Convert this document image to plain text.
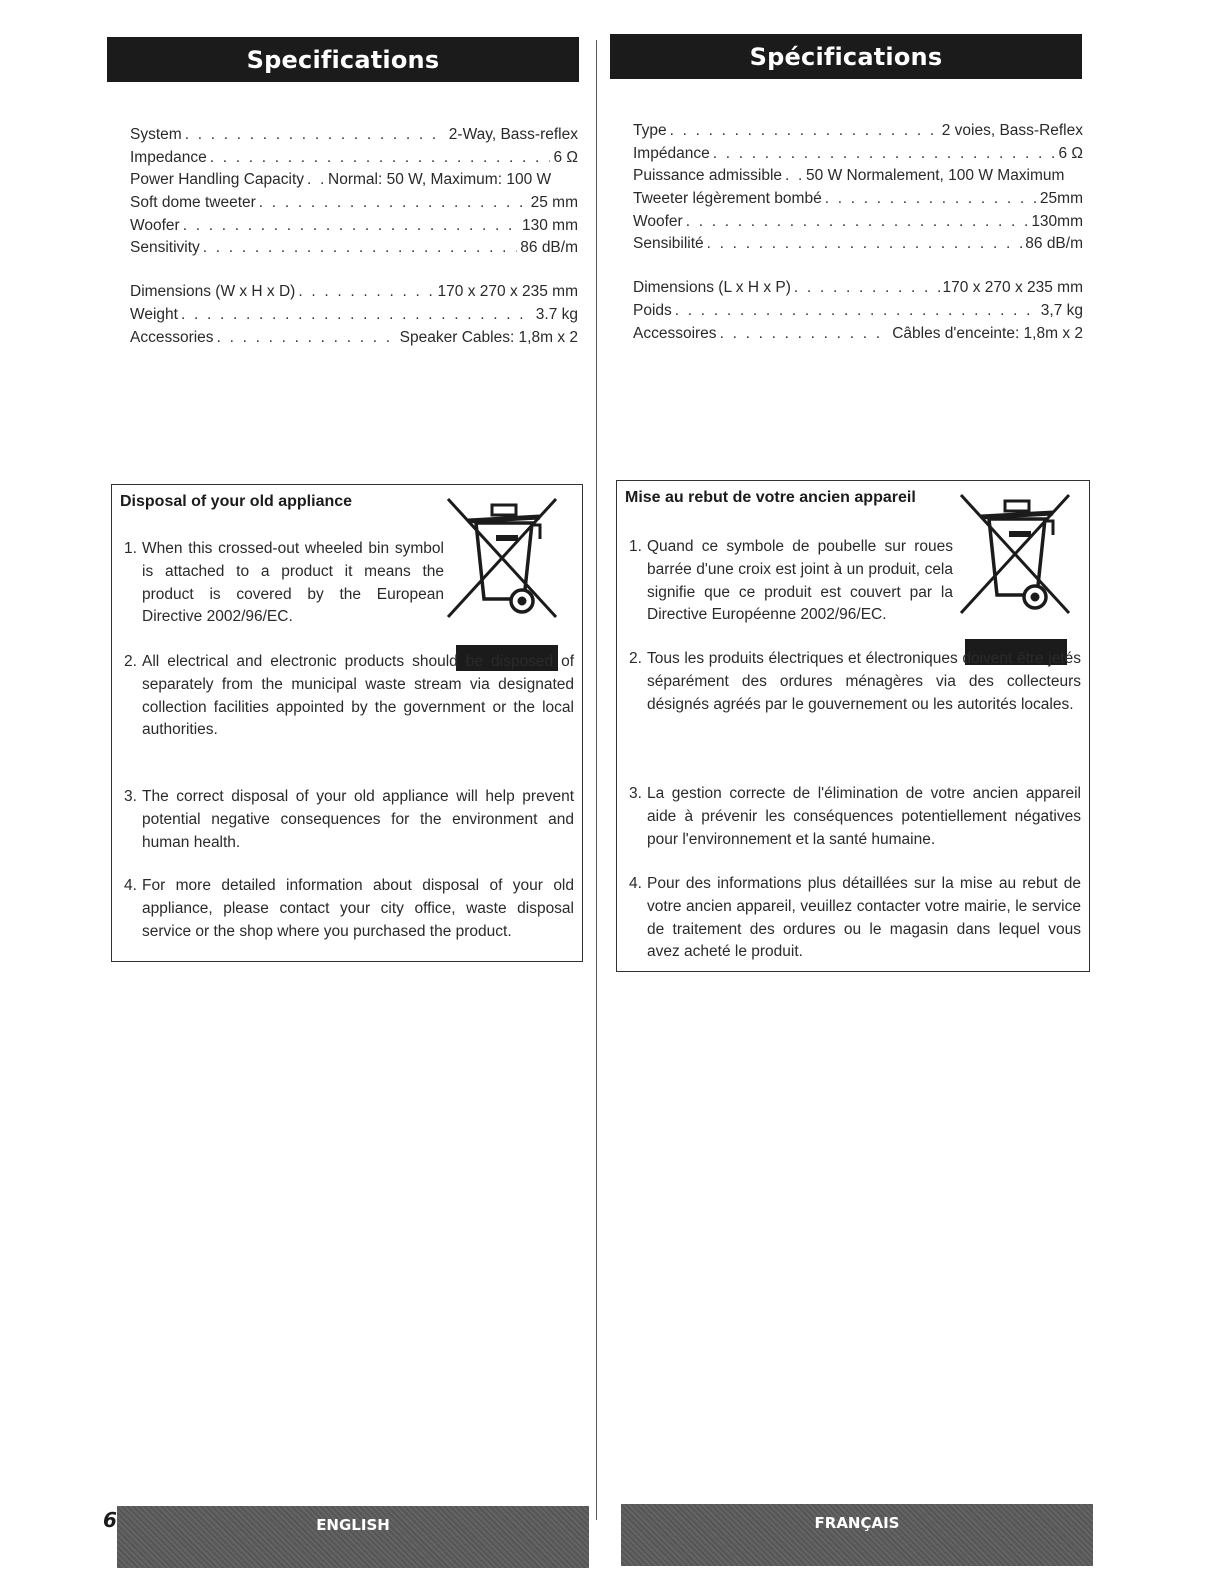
Specifications
System . . .	2-Way, Bass-reflex
Impedance . . .	6 Ω
Power Handling Capacity . . . Normal: 50 W, Maximum: 100 W
Soft dome tweeter . . .	25 mm
Woofer . . .	130 mm
Sensitivity . . .	86 dB/m
Dimensions (W x H x D) . . .	170 x 270 x 235 mm
Weight . . .	3.7 kg
Accessories . . .	Speaker Cables: 1,8m x 2
Disposal of your old appliance
1. When this crossed-out wheeled bin symbol is attached to a product it means the product is covered by the European Directive 2002/96/EC.
2. All electrical and electronic products should be disposed of separately from the municipal waste stream via designated collection facilities appointed by the government or the local authorities.
3. The correct disposal of your old appliance will help prevent potential negative consequences for the environment and human health.
4. For more detailed information about disposal of your old appliance, please contact your city office, waste disposal service or the shop where you purchased the product.
Spécifications
Type . . .	2 voies, Bass-Reflex
Impédance . . .	6 Ω
Puissance admissible . . . 50 W Normalement, 100 W Maximum
Tweeter légèrement bombé . . .	25mm
Woofer . . .	130mm
Sensibilité . . .	86 dB/m
Dimensions (L x H x P) . . .	170 x 270 x 235 mm
Poids . . .	3,7 kg
Accessoires . . .	Câbles d'enceinte: 1,8m x 2
Mise au rebut de votre ancien appareil
1. Quand ce symbole de poubelle sur roues barrée d'une croix est joint à un produit, cela signifie que ce produit est couvert par la Directive Européenne 2002/96/EC.
2. Tous les produits électriques et électroniques doivent être jetés séparément des ordures ménagères via des collecteurs désignés agréés par le gouvernement ou les autorités locales.
3. La gestion correcte de l'élimination de votre ancien appareil aide à prévenir les conséquences potentiellement négatives pour l'environnement et la santé humaine.
4. Pour des informations plus détaillées sur la mise au rebut de votre ancien appareil, veuillez contacter votre mairie, le service de traitement des ordures ou le magasin dans lequel vous avez acheté le produit.
6	ENGLISH	FRANÇAIS
